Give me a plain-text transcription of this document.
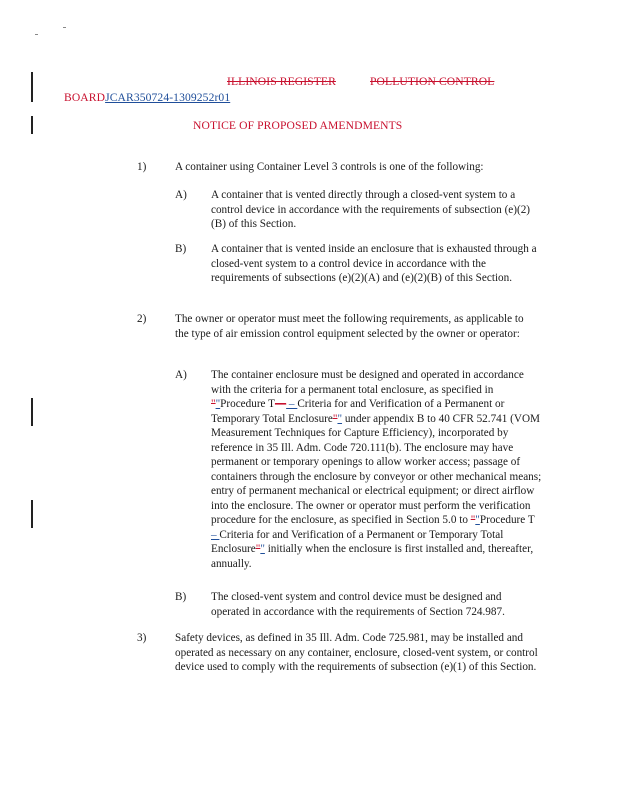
ILLINOIS REGISTER	POLLUTION CONTROL
BOARDJCAR350724-1309252r01
NOTICE OF PROPOSED AMENDMENTS
1)	A container using Container Level 3 controls is one of the following:
A) A container that is vented directly through a closed-vent system to a control device in accordance with the requirements of subsection (e)(2)(B) of this Section.
B) A container that is vented inside an enclosure that is exhausted through a closed-vent system to a control device in accordance with the requirements of subsections (e)(2)(A) and (e)(2)(B) of this Section.
2)	The owner or operator must meet the following requirements, as applicable to the type of air emission control equipment selected by the owner or operator:
A) The container enclosure must be designed and operated in accordance with the criteria for a permanent total enclosure, as specified in ""Procedure T— – Criteria for and Verification of a Permanent or Temporary Total Enclosure"" under appendix B to 40 CFR 52.741 (VOM Measurement Techniques for Capture Efficiency), incorporated by reference in 35 Ill. Adm. Code 720.111(b). The enclosure may have permanent or temporary openings to allow worker access; passage of containers through the enclosure by conveyor or other mechanical means; entry of permanent mechanical or electrical equipment; or direct airflow into the enclosure. The owner or operator must perform the verification procedure for the enclosure, as specified in Section 5.0 to ""Procedure T – Criteria for and Verification of a Permanent or Temporary Total Enclosure"" initially when the enclosure is first installed and, thereafter, annually.
B) The closed-vent system and control device must be designed and operated in accordance with the requirements of Section 724.987.
3)	Safety devices, as defined in 35 Ill. Adm. Code 725.981, may be installed and operated as necessary on any container, enclosure, closed-vent system, or control device used to comply with the requirements of subsection (e)(1) of this Section.
